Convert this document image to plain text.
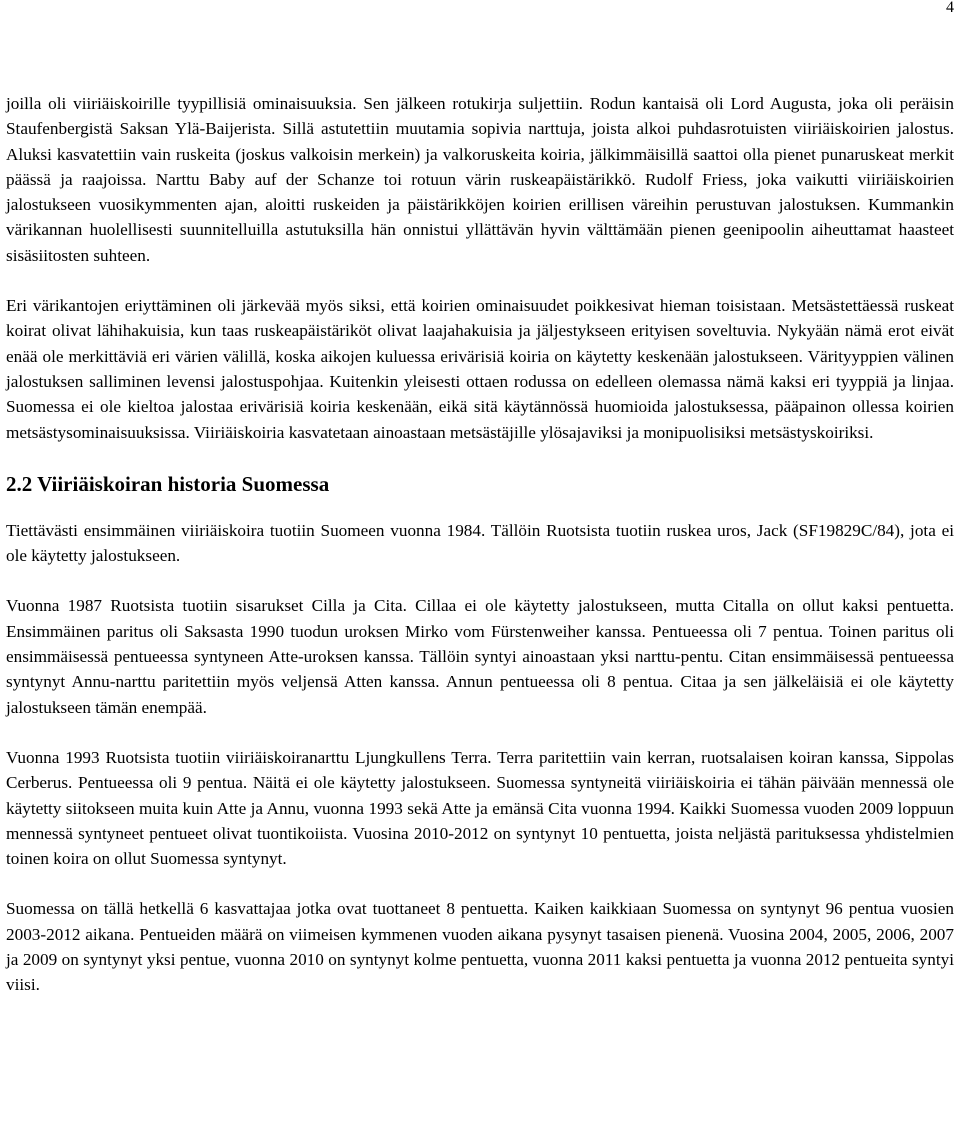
4

joilla oli viiriäiskoirille tyypillisiä ominaisuuksia. Sen jälkeen rotukirja suljettiin. Rodun kantaisä oli Lord Augusta, joka oli peräisin Staufenbergistä Saksan Ylä-Baijerista. Sillä astutettiin muutamia sopivia narttuja, joista alkoi puhdasrotuisten viiriäiskoirien jalostus. Aluksi kasvatettiin vain ruskeita (joskus valkoisin merkein) ja valkoruskeita koiria, jälkimmäisillä saattoi olla pienet punaruskeat merkit päässä ja raajoissa. Narttu Baby auf der Schanze toi rotuun värin ruskeapäistärikkö. Rudolf Friess, joka vaikutti viiriäiskoirien jalostukseen vuosikymmenten ajan, aloitti ruskeiden ja päistärikköjen koirien erillisen väreihin perustuvan jalostuksen. Kummankin värikannan huolellisesti suunnitelluilla astutuksilla hän onnistui yllättävän hyvin välttämään pienen geenipoolin aiheuttamat haasteet sisäsiitosten suhteen.

Eri värikantojen eriyttäminen oli järkevää myös siksi, että koirien ominaisuudet poikkesivat hieman toisistaan. Metsästettäessä ruskeat koirat olivat lähihakuisia, kun taas ruskeapäistäriköt olivat laajahakuisia ja jäljestykseen erityisen soveltuvia. Nykyään nämä erot eivät enää ole merkittäviä eri värien välillä, koska aikojen kuluessa erivärisiä koiria on käytetty keskenään jalostukseen. Värityyppien välinen jalostuksen salliminen levensi jalostuspohjaa. Kuitenkin yleisesti ottaen rodussa on edelleen olemassa nämä kaksi eri tyyppiä ja linjaa. Suomessa ei ole kieltoa jalostaa erivärisiä koiria keskenään, eikä sitä käytännössä huomioida jalostuksessa, pääpainon ollessa koirien metsästysominaisuuksissa. Viiriäiskoiria kasvatetaan ainoastaan metsästäjille ylösajaviksi ja monipuolisiksi metsästyskoiriksi.

2.2 Viiriäiskoiran historia Suomessa

Tiettävästi ensimmäinen viiriäiskoira tuotiin Suomeen vuonna 1984. Tällöin Ruotsista tuotiin ruskea uros, Jack (SF19829C/84), jota ei ole käytetty jalostukseen.

Vuonna 1987 Ruotsista tuotiin sisarukset Cilla ja Cita. Cillaa ei ole käytetty jalostukseen, mutta Citalla on ollut kaksi pentuetta. Ensimmäinen paritus oli Saksasta 1990 tuodun uroksen Mirko vom Fürstenweiher kanssa. Pentueessa oli 7 pentua. Toinen paritus oli ensimmäisessä pentueessa syntyneen Atte-uroksen kanssa. Tällöin syntyi ainoastaan yksi narttu-pentu. Citan ensimmäisessä pentueessa syntynyt Annu-narttu paritettiin myös veljensä Atten kanssa. Annun pentueessa oli 8 pentua. Citaa ja sen jälkeläisiä ei ole käytetty jalostukseen tämän enempää.

Vuonna 1993 Ruotsista tuotiin viiriäiskoiranarttu Ljungkullens Terra. Terra paritettiin vain kerran, ruotsalaisen koiran kanssa, Sippolas Cerberus. Pentueessa oli 9 pentua. Näitä ei ole käytetty jalostukseen. Suomessa syntyneitä viiriäiskoiria ei tähän päivään mennessä ole käytetty siitokseen muita kuin Atte ja Annu, vuonna 1993 sekä Atte ja emänsä Cita vuonna 1994. Kaikki Suomessa vuoden 2009 loppuun mennessä syntyneet pentueet olivat tuontikoiista. Vuosina 2010-2012 on syntynyt 10 pentuetta, joista neljästä parituksessa yhdistelmien toinen koira on ollut Suomessa syntynyt.

Suomessa on tällä hetkellä 6 kasvattajaa jotka ovat tuottaneet 8 pentuetta. Kaiken kaikkiaan Suomessa on syntynyt 96 pentua vuosien 2003-2012 aikana. Pentueiden määrä on viimeisen kymmenen vuoden aikana pysynyt tasaisen pienenä. Vuosina 2004, 2005, 2006, 2007 ja 2009 on syntynyt yksi pentue, vuonna 2010 on syntynyt kolme pentuetta, vuonna 2011 kaksi pentuetta ja vuonna 2012 pentueita syntyi viisi.
